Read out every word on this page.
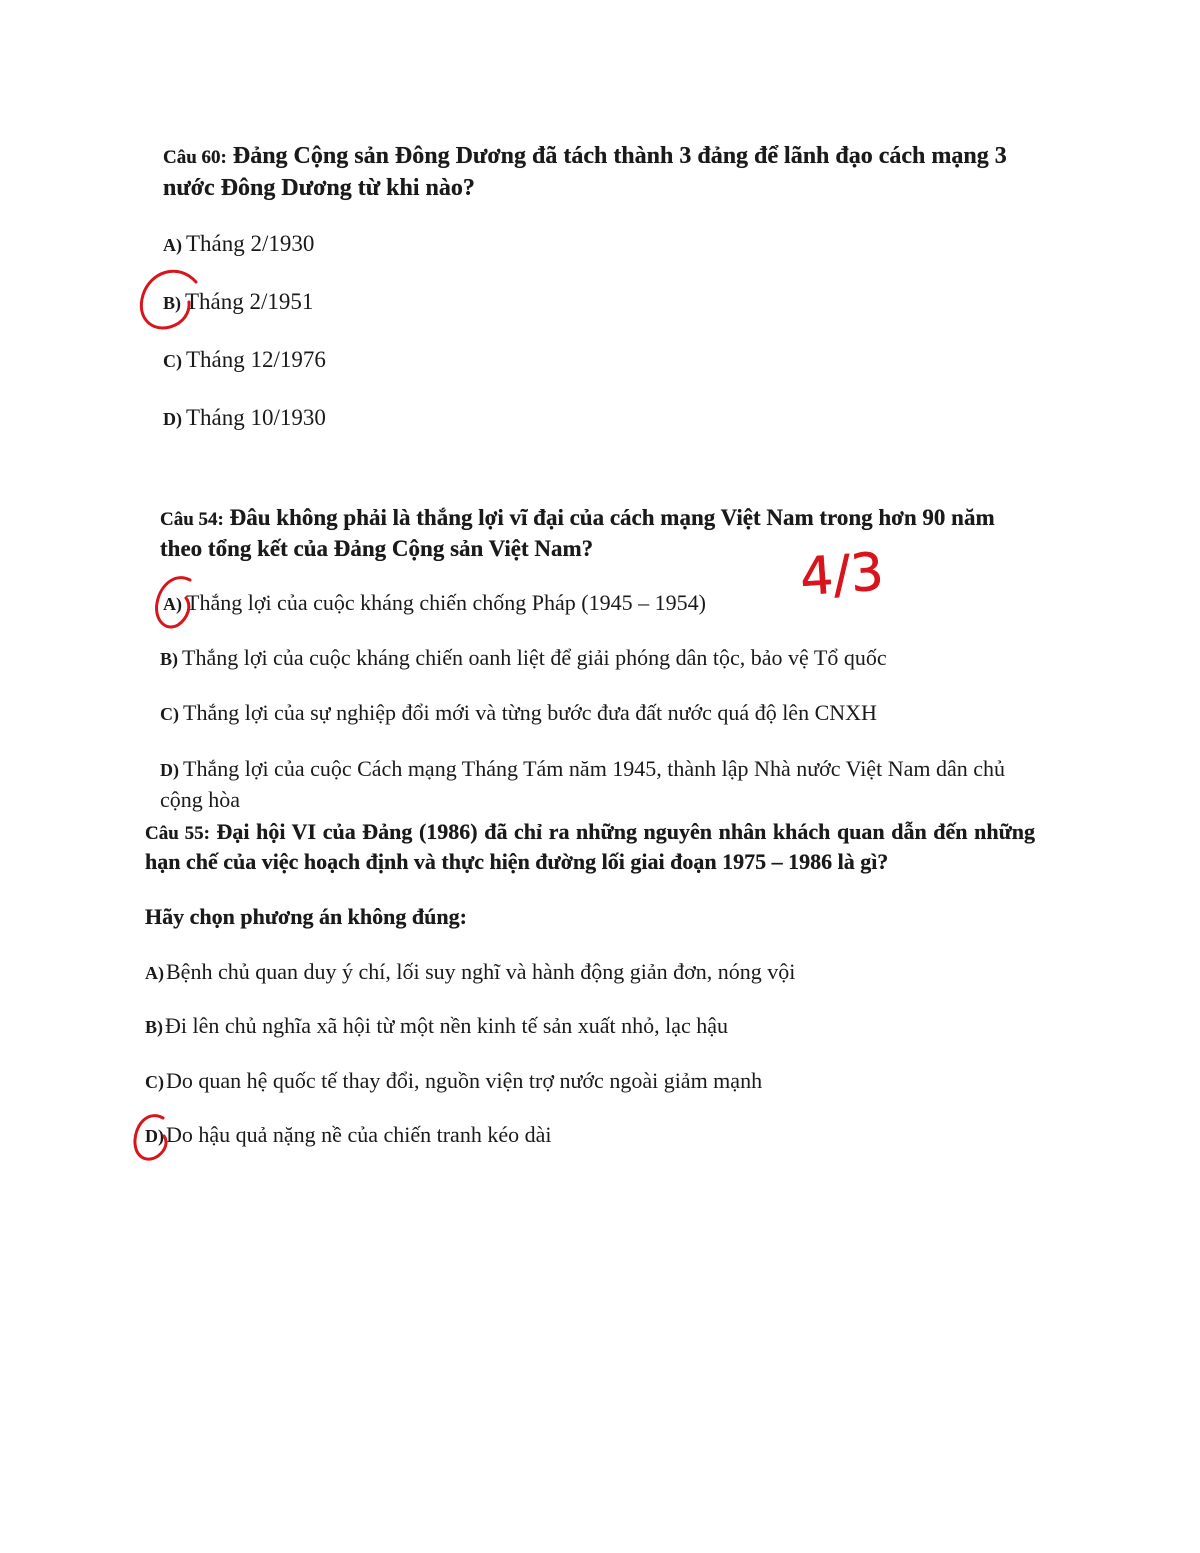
Câu 60: Đảng Cộng sản Đông Dương đã tách thành 3 đảng để lãnh đạo cách mạng 3 nước Đông Dương từ khi nào?
A) Tháng 2/1930
B) Tháng 2/1951
C) Tháng 12/1976
D) Tháng 10/1930
Câu 54: Đâu không phải là thắng lợi vĩ đại của cách mạng Việt Nam trong hơn 90 năm theo tổng kết của Đảng Cộng sản Việt Nam?
A) Thắng lợi của cuộc kháng chiến chống Pháp (1945 – 1954)
B) Thắng lợi của cuộc kháng chiến oanh liệt để giải phóng dân tộc, bảo vệ Tổ quốc
C) Thắng lợi của sự nghiệp đổi mới và từng bước đưa đất nước quá độ lên CNXH
D) Thắng lợi của cuộc Cách mạng Tháng Tám năm 1945, thành lập Nhà nước Việt Nam dân chủ cộng hòa
Câu 55: Đại hội VI của Đảng (1986) đã chỉ ra những nguyên nhân khách quan dẫn đến những hạn chế của việc hoạch định và thực hiện đường lối giai đoạn 1975 – 1986 là gì?
Hãy chọn phương án không đúng:
A)Bệnh chủ quan duy ý chí, lối suy nghĩ và hành động giản đơn, nóng vội
B)Đi lên chủ nghĩa xã hội từ một nền kinh tế sản xuất nhỏ, lạc hậu
C)Do quan hệ quốc tế thay đổi, nguồn viện trợ nước ngoài giảm mạnh
D)Do hậu quả nặng nề của chiến tranh kéo dài
4/3
